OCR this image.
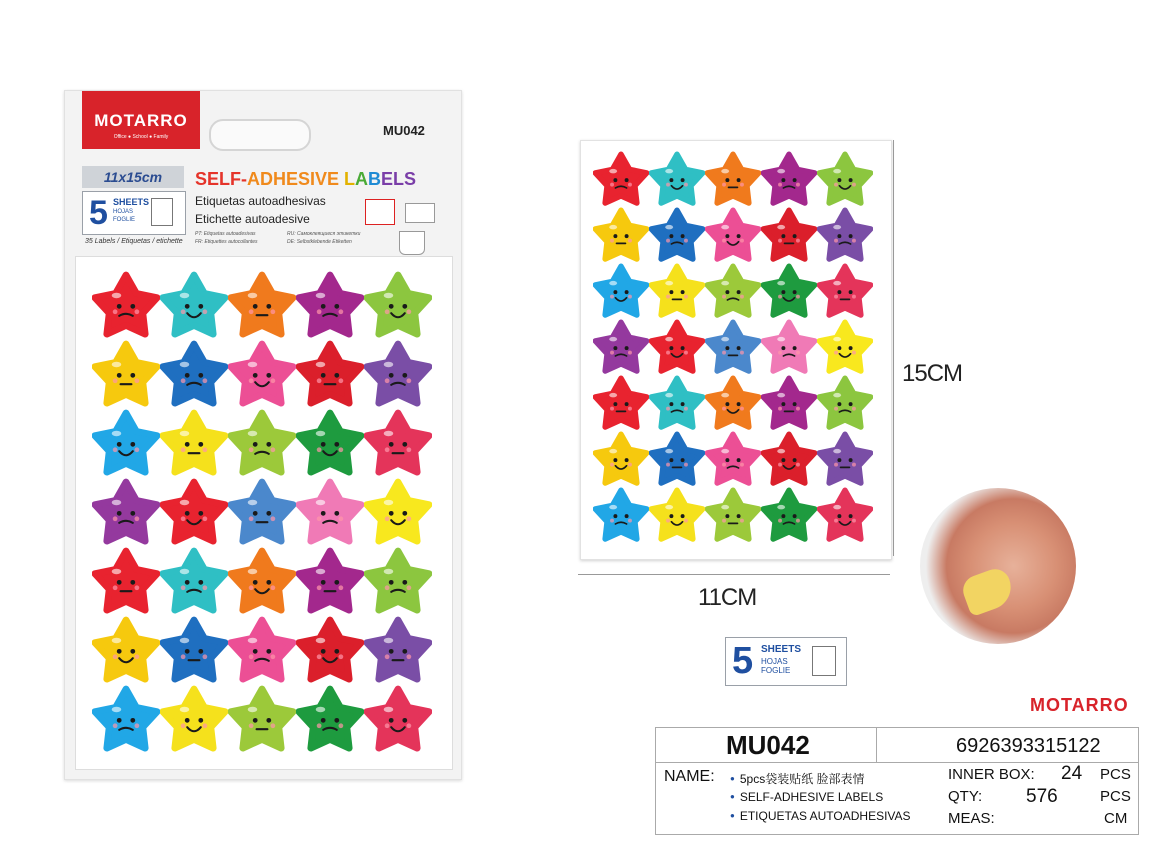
MOTARRO
Office ● School ● Family	MU042
11x15cm
5 SHEETS
HOJAS
FOGLIE
SELF-ADHESIVE LABELS
Etiquetas autoadhesivas
Etichette autoadesive
PT: Etiquetas autoadesivas
FR: Etiquettes autocollantes
RU: Самоклеящиеся этикетки
DE: Selbstklebende Etiketten
35 Labels / Etiquetas / etichette
15CM
11CM
5 SHEETS
HOJAS
FOGLIE
MOTARRO
MU042	6926393315122
NAME:
●	5pcs袋装贴纸 脸部表情
● SELF-ADHESIVE LABELS
● ETIQUETAS AUTOADHESIVAS
INNER BOX: 24 PCS
QTY: 576	PCS
MEAS:	CM
